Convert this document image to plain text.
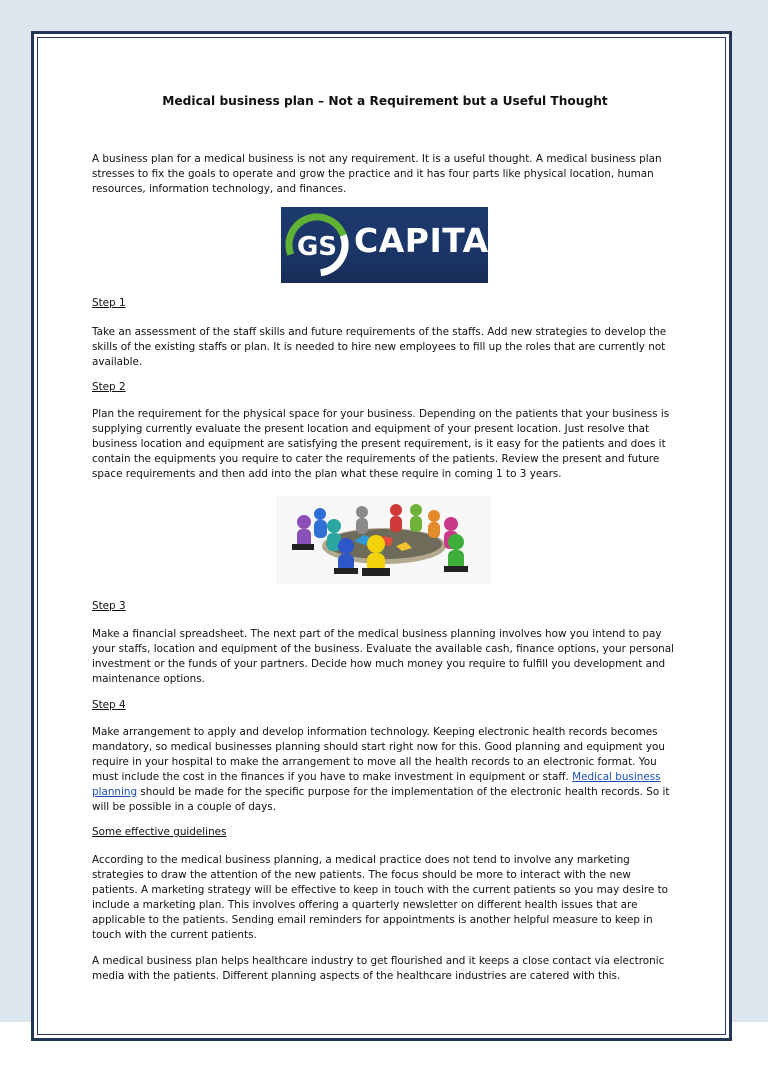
Medical business plan – Not a Requirement but a Useful Thought

A business plan for a medical business is not any requirement. It is a useful thought. A medical business plan

stresses to fix the goals to operate and grow the practice and it has four parts like physical location, human

resources, information technology, and finances.

GS CAPITAL

Step 1

Take an assessment of the staff skills and future requirements of the staffs. Add new strategies to develop the

skills of the existing staffs or plan. It is needed to hire new employees to fill up the roles that are currently not

available.

Step 2

Plan the requirement for the physical space for your business. Depending on the patients that your business is

supplying currently evaluate the present location and equipment of your present location. Just resolve that

business location and equipment are satisfying the present requirement, is it easy for the patients and does it

contain the equipments you require to cater the requirements of the patients. Review the present and future

space requirements and then add into the plan what these require in coming 1 to 3 years.

Step 3

Make a financial spreadsheet. The next part of the medical business planning involves how you intend to pay

your staffs, location and equipment of the business. Evaluate the available cash, finance options, your personal

investment or the funds of your partners. Decide how much money you require to fulfill you development and

maintenance options.

Step 4

Make arrangement to apply and develop information technology. Keeping electronic health records becomes

mandatory, so medical businesses planning should start right now for this. Good planning and equipment you

require in your hospital to make the arrangement to move all the health records to an electronic format. You

must include the cost in the finances if you have to make investment in equipment or staff. Medical business

planning should be made for the specific purpose for the implementation of the electronic health records. So it

will be possible in a couple of days.

Some effective guidelines

According to the medical business planning, a medical practice does not tend to involve any marketing

strategies to draw the attention of the new patients. The focus should be more to interact with the new

patients. A marketing strategy will be effective to keep in touch with the current patients so you may desire to

include a marketing plan. This involves offering a quarterly newsletter on different health issues that are

applicable to the patients. Sending email reminders for appointments is another helpful measure to keep in

touch with the current patients.

A medical business plan helps healthcare industry to get flourished and it keeps a close contact via electronic

media with the patients. Different planning aspects of the healthcare industries are catered with this.
